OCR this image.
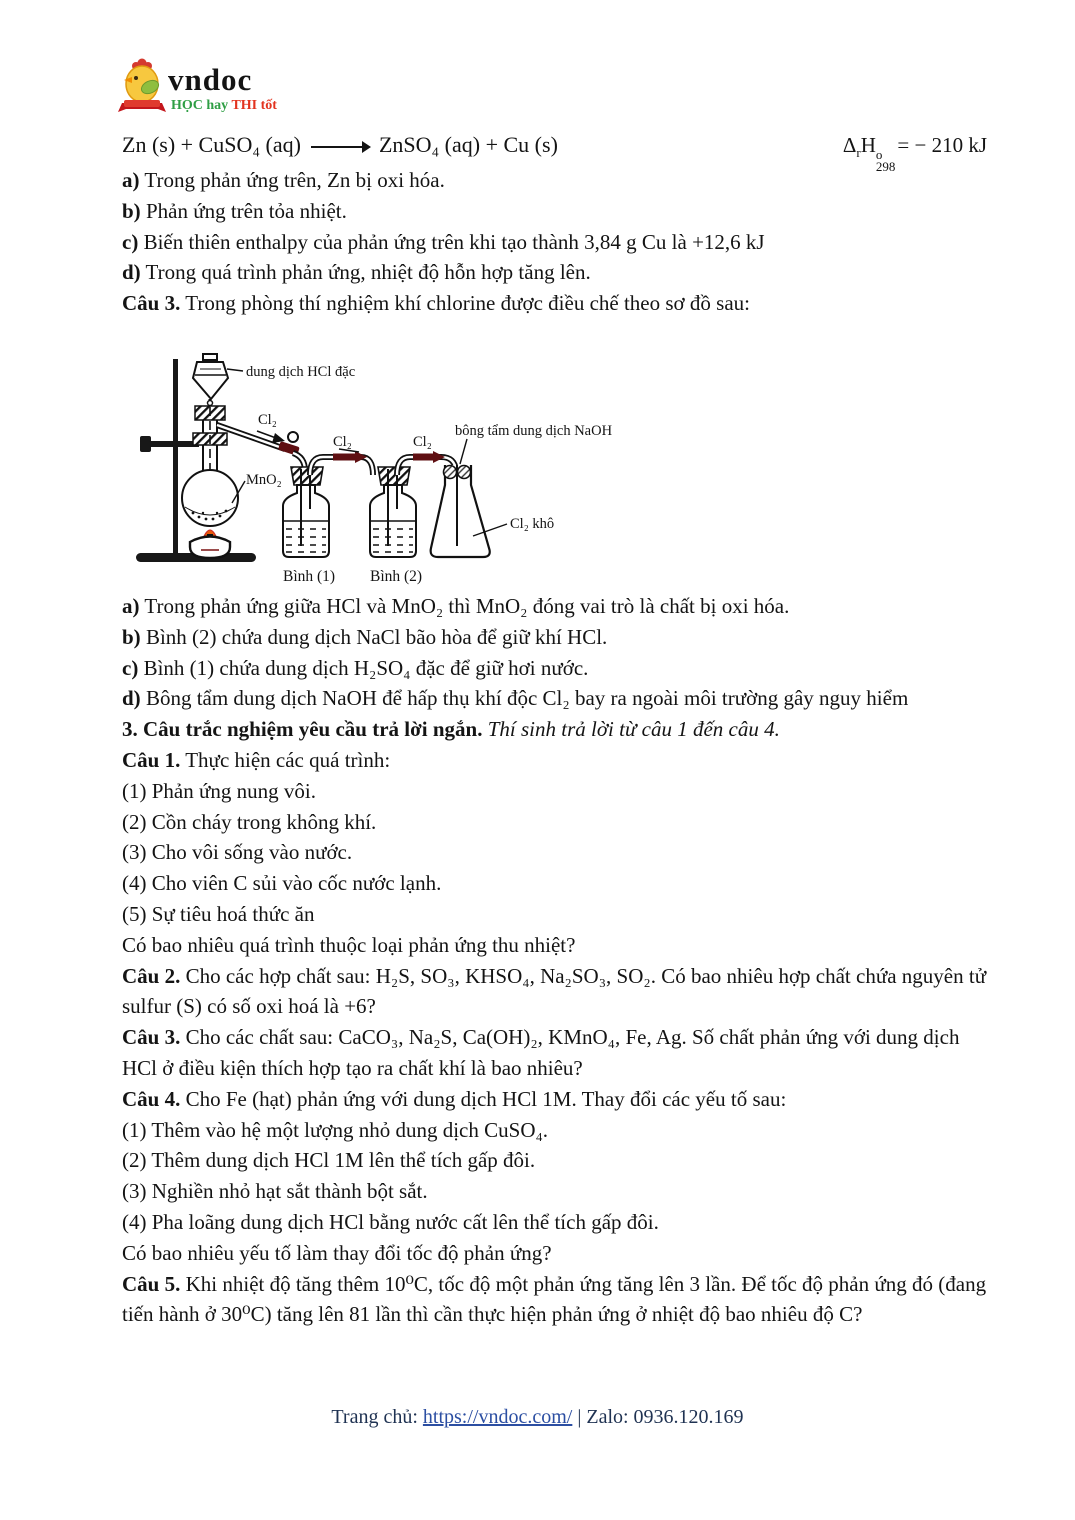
vndoc
HỌC hay THI tốt
Zn (s) + CuSO₄ (aq)	ZnSO₄ (aq) + Cu (s)	$\Delta_rH$ o
298
= − 210 kJ
a) Trong phản ứng trên, Zn bị oxi hóa.
b) Phản ứng trên tỏa nhiệt.
c) Biến thiên enthalpy của phản ứng trên khi tạo thành 3,84 g Cu là +12,6 kJ
d) Trong quá trình phản ứng, nhiệt độ hỗn hợp tăng lên.
Câu 3. Trong phòng thí nghiệm khí chlorine được điều chế theo sơ đồ sau:
dung dịch HCl đặc
MnO₂
Cl₂
Cl₂	Cl₂
bông tẩm dung dịch NaOH
Cl₂ khô
Bình (1) Bình (2)
a) Trong phản ứng giữa HCl và MnO₂ thì MnO₂ đóng vai trò là chất bị oxi hóa.
b) Bình (2) chứa dung dịch NaCl bão hòa để giữ khí HCl.
c) Bình (1) chứa dung dịch H₂SO₄ đặc để giữ hơi nước.
d) Bông tẩm dung dịch NaOH để hấp thụ khí độc Cl₂ bay ra ngoài môi trường gây nguy hiểm
3. Câu trắc nghiệm yêu cầu trả lời ngắn. Thí sinh trả lời từ câu 1 đến câu 4.
Câu 1. Thực hiện các quá trình:
(1) Phản ứng nung vôi.
(2) Cồn cháy trong không khí.
(3) Cho vôi sống vào nước.
(4) Cho viên C sủi vào cốc nước lạnh.
(5) Sự tiêu hoá thức ăn
Có bao nhiêu quá trình thuộc loại phản ứng thu nhiệt?
Câu 2. Cho các hợp chất sau: H₂S, SO₃, KHSO₄, Na₂SO₃, SO₂. Có bao nhiêu hợp chất chứa nguyên tử sulfur (S) có số oxi hoá là +6?
Câu 3. Cho các chất sau: CaCO₃, Na₂S, Ca(OH)₂, KMnO₄, Fe, Ag. Số chất phản ứng với dung dịch HCl ở điều kiện thích hợp tạo ra chất khí là bao nhiêu?
Câu 4. Cho Fe (hạt) phản ứng với dung dịch HCl 1M. Thay đổi các yếu tố sau:
(1) Thêm vào hệ một lượng nhỏ dung dịch CuSO₄.
(2) Thêm dung dịch HCl 1M lên thể tích gấp đôi.
(3) Nghiền nhỏ hạt sắt thành bột sắt.
(4) Pha loãng dung dịch HCl bằng nước cất lên thể tích gấp đôi.
Có bao nhiêu yếu tố làm thay đổi tốc độ phản ứng?
Câu 5. Khi nhiệt độ tăng thêm 10⁰C, tốc độ một phản ứng tăng lên 3 lần. Để tốc độ phản ứng đó (đang tiến hành ở 30⁰C) tăng lên 81 lần thì cần thực hiện phản ứng ở nhiệt độ bao nhiêu độ C?
Trang chủ: https://vndoc.com/ | Zalo: 0936.120.169
